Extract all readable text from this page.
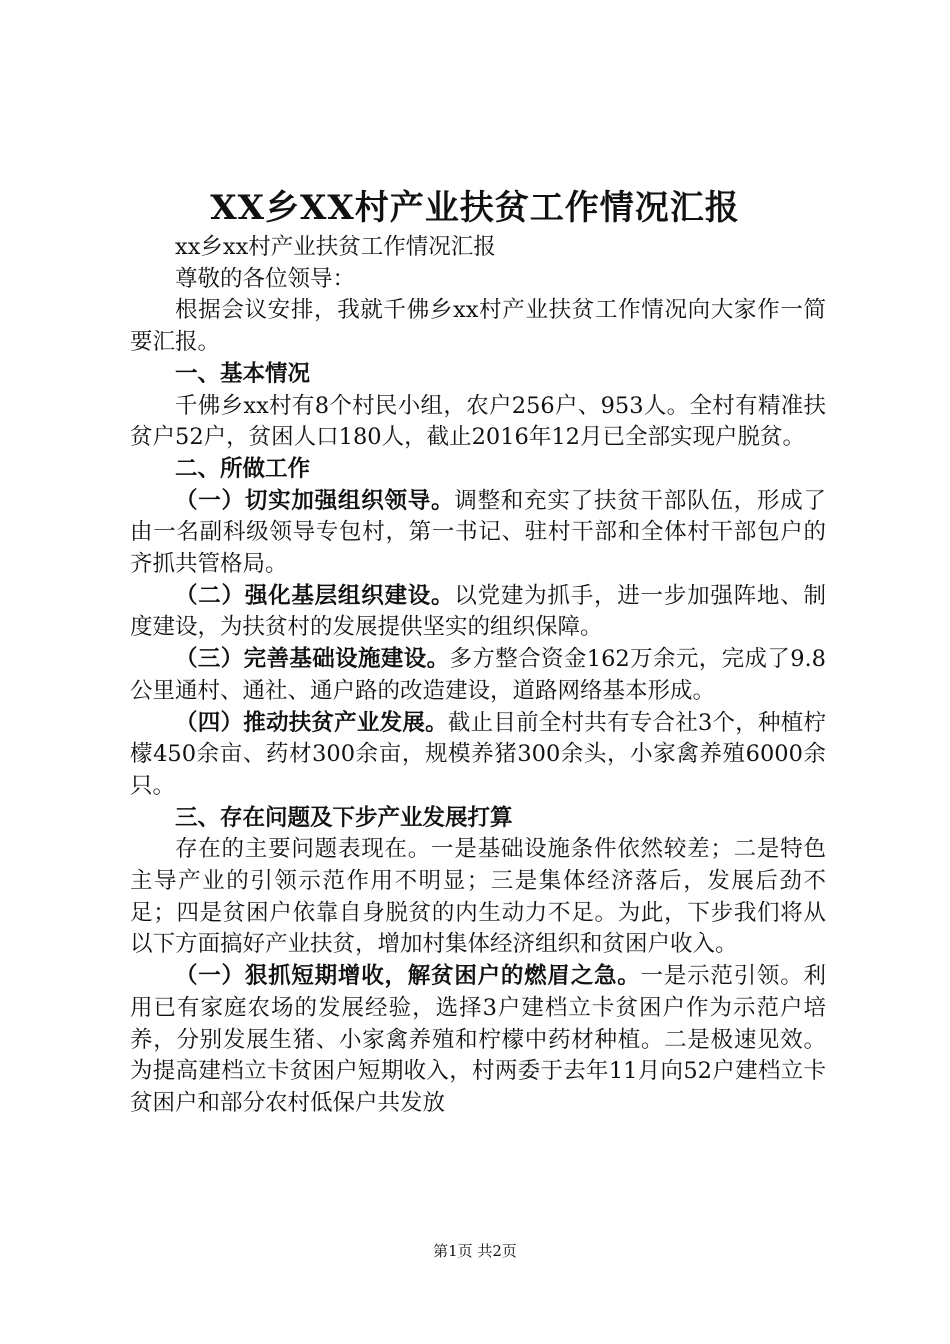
XX乡XX村产业扶贫工作情况汇报

xx乡xx村产业扶贫工作情况汇报

尊敬的各位领导：

根据会议安排，我就千佛乡xx村产业扶贫工作情况向大家作一简要汇报。

一、基本情况

千佛乡xx村有8个村民小组，农户256户、953人。全村有精准扶贫户52户，贫困人口180人，截止2016年12月已全部实现户脱贫。

二、所做工作

（一）切实加强组织领导。调整和充实了扶贫干部队伍，形成了由一名副科级领导专包村，第一书记、驻村干部和全体村干部包户的齐抓共管格局。

（二）强化基层组织建设。以党建为抓手，进一步加强阵地、制度建设，为扶贫村的发展提供坚实的组织保障。

（三）完善基础设施建设。多方整合资金162万余元，完成了9.8公里通村、通社、通户路的改造建设，道路网络基本形成。

（四）推动扶贫产业发展。截止目前全村共有专合社3个，种植柠檬450余亩、药材300余亩，规模养猪300余头，小家禽养殖6000余只。

三、存在问题及下步产业发展打算

存在的主要问题表现在。一是基础设施条件依然较差；二是特色主导产业的引领示范作用不明显；三是集体经济落后，发展后劲不足；四是贫困户依靠自身脱贫的内生动力不足。为此，下步我们将从以下方面搞好产业扶贫，增加村集体经济组织和贫困户收入。

（一）狠抓短期增收，解贫困户的燃眉之急。一是示范引领。利用已有家庭农场的发展经验，选择3户建档立卡贫困户作为示范户培养，分别发展生猪、小家禽养殖和柠檬中药材种植。二是极速见效。为提高建档立卡贫困户短期收入，村两委于去年11月向52户建档立卡贫困户和部分农村低保户共发放

第1页 共2页
